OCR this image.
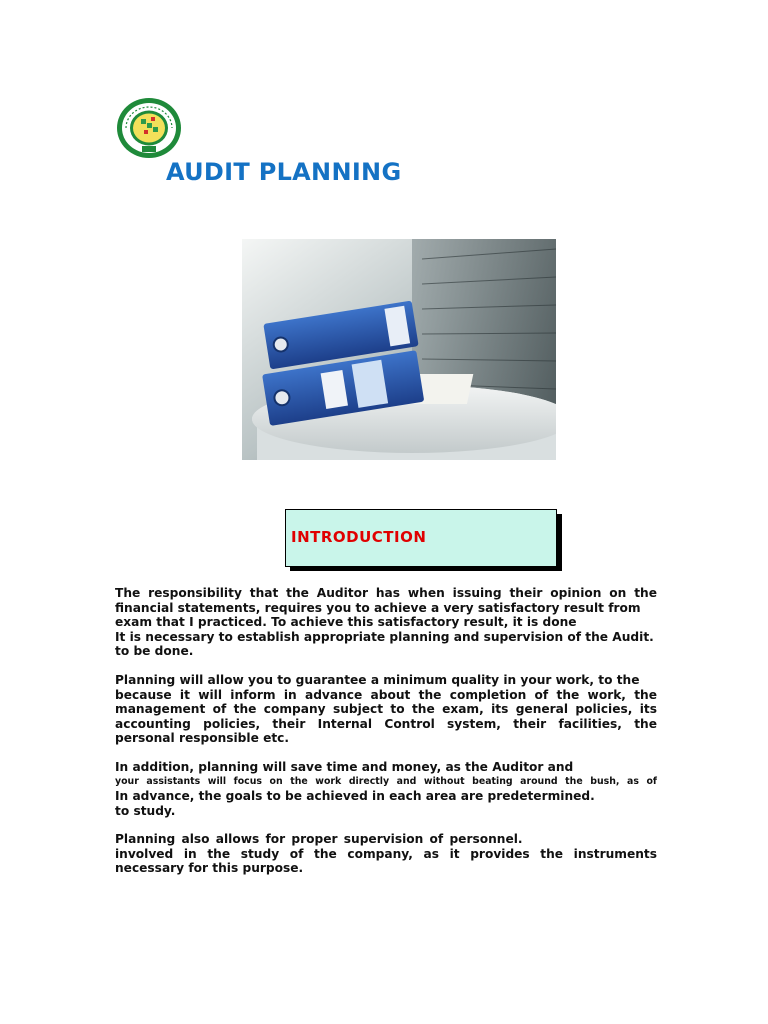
AUDIT PLANNING

INTRODUCTION

The responsibility that the Auditor has when issuing their opinion on the
financial statements, requires you to achieve a very satisfactory result from
exam that I practiced. To achieve this satisfactory result, it is done
It is necessary to establish appropriate planning and supervision of the Audit.
to be done.
Planning will allow you to guarantee a minimum quality in your work, to the
because it will inform in advance about the completion of the work, the
management of the company subject to the exam, its general policies, its
accounting policies, their Internal Control system, their facilities, the
personal responsible etc.
In addition, planning will save time and money, as the Auditor and
your assistants will focus on the work directly and without beating around the bush, as of
In advance, the goals to be achieved in each area are predetermined.
to study.
Planning also allows for proper supervision of personnel.
involved in the study of the company, as it provides the instruments
necessary for this purpose.
